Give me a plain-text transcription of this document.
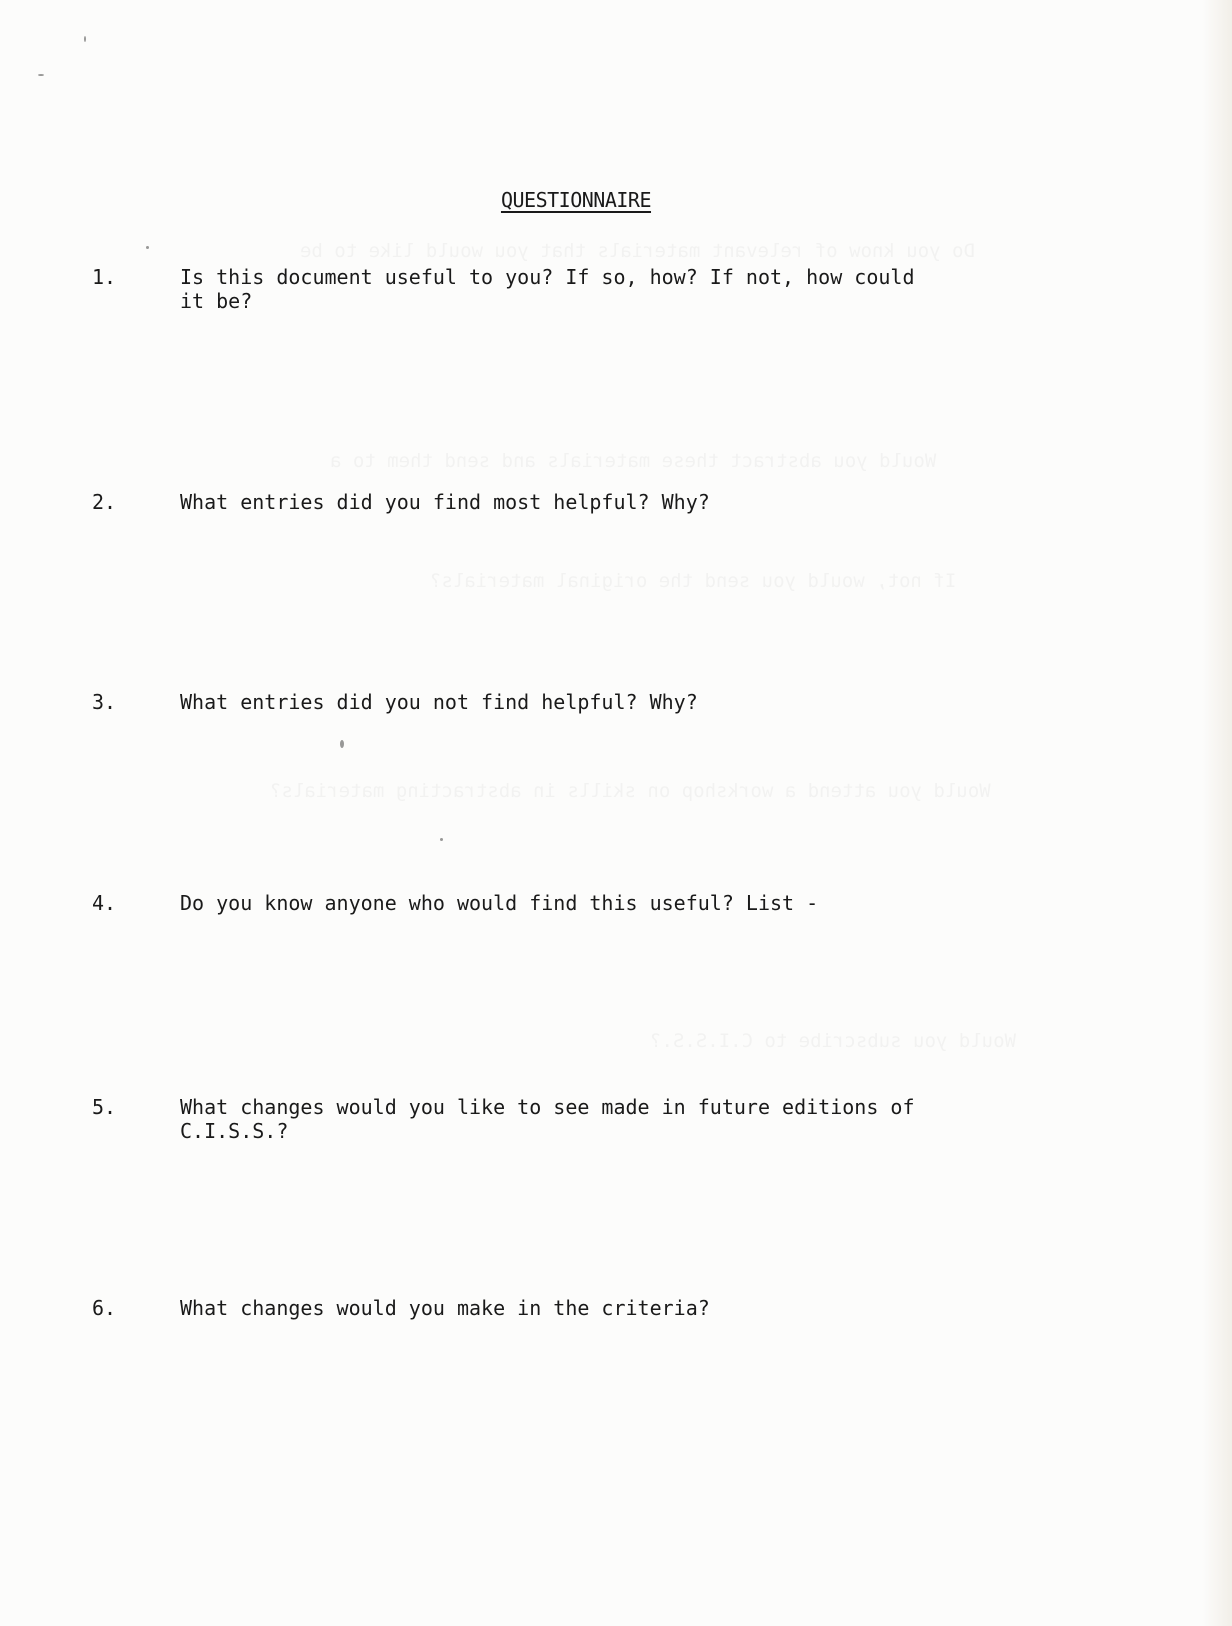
Do you know of relevant materials that you would like to be
Would you abstract these materials and send them to a
If not, would you send the original materials?
Would you attend a workshop on skills in abstracting materials?
Would you subscribe to C.I.S.S.?
QUESTIONNAIRE
1.	Is this document useful to you? If so, how? If not, how could
it be?
2.	What entries did you find most helpful? Why?
3.	What entries did you not find helpful? Why?
4.	Do you know anyone who would find this useful? List -
5.	What changes would you like to see made in future editions of
C.I.S.S.?
6.	What changes would you make in the criteria?
